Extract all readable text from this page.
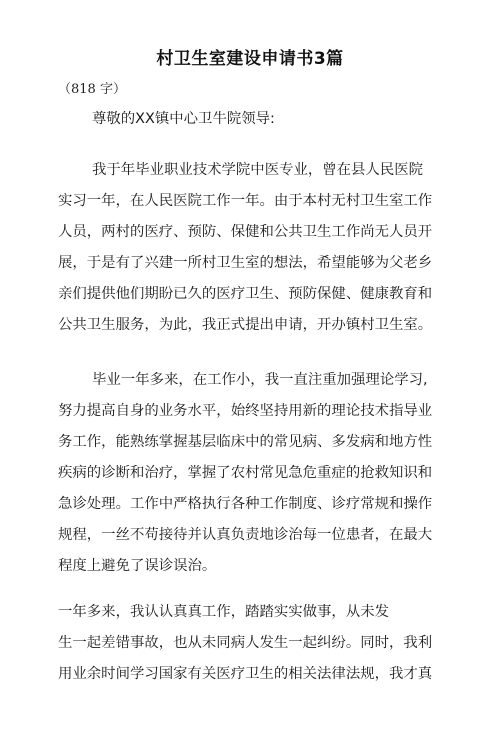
村卫生室建设申请书3篇
（818 字）
尊敬的XX镇中心卫牛院领导:
我于年毕业职业技术学院中医专业，曾在县人民医院
实习一年，在人民医院工作一年。由于本村无村卫生室工作
人员，两村的医疗、预防、保健和公共卫生工作尚无人员开
展，于是有了兴建一所村卫生室的想法，希望能够为父老乡
亲们提供他们期盼已久的医疗卫生、预防保健、健康教育和
公共卫生服务，为此，我正式提出申请，开办镇村卫生室。
毕业一年多来，在工作小，我一直注重加强理论学习,
努力提高自身的业务水平，始终坚持用新的理论技术指导业
务工作，能熟练掌握基层临床中的常见病、多发病和地方性
疾病的诊断和治疗，掌握了农村常见急危重症的抢救知识和
急诊处理。工作中严格执行各种工作制度、诊疗常规和操作
规程，一丝不苟接待并认真负责地诊治每一位患者，在最大
程度上避免了误诊误治。
一年多来，我认认真真工作，踏踏实实做事，从未发
生一起差错事故，也从未同病人发生一起纠纷。同时，我利
用业余时间学习国家有关医疗卫生的相关法律法规，我才真
